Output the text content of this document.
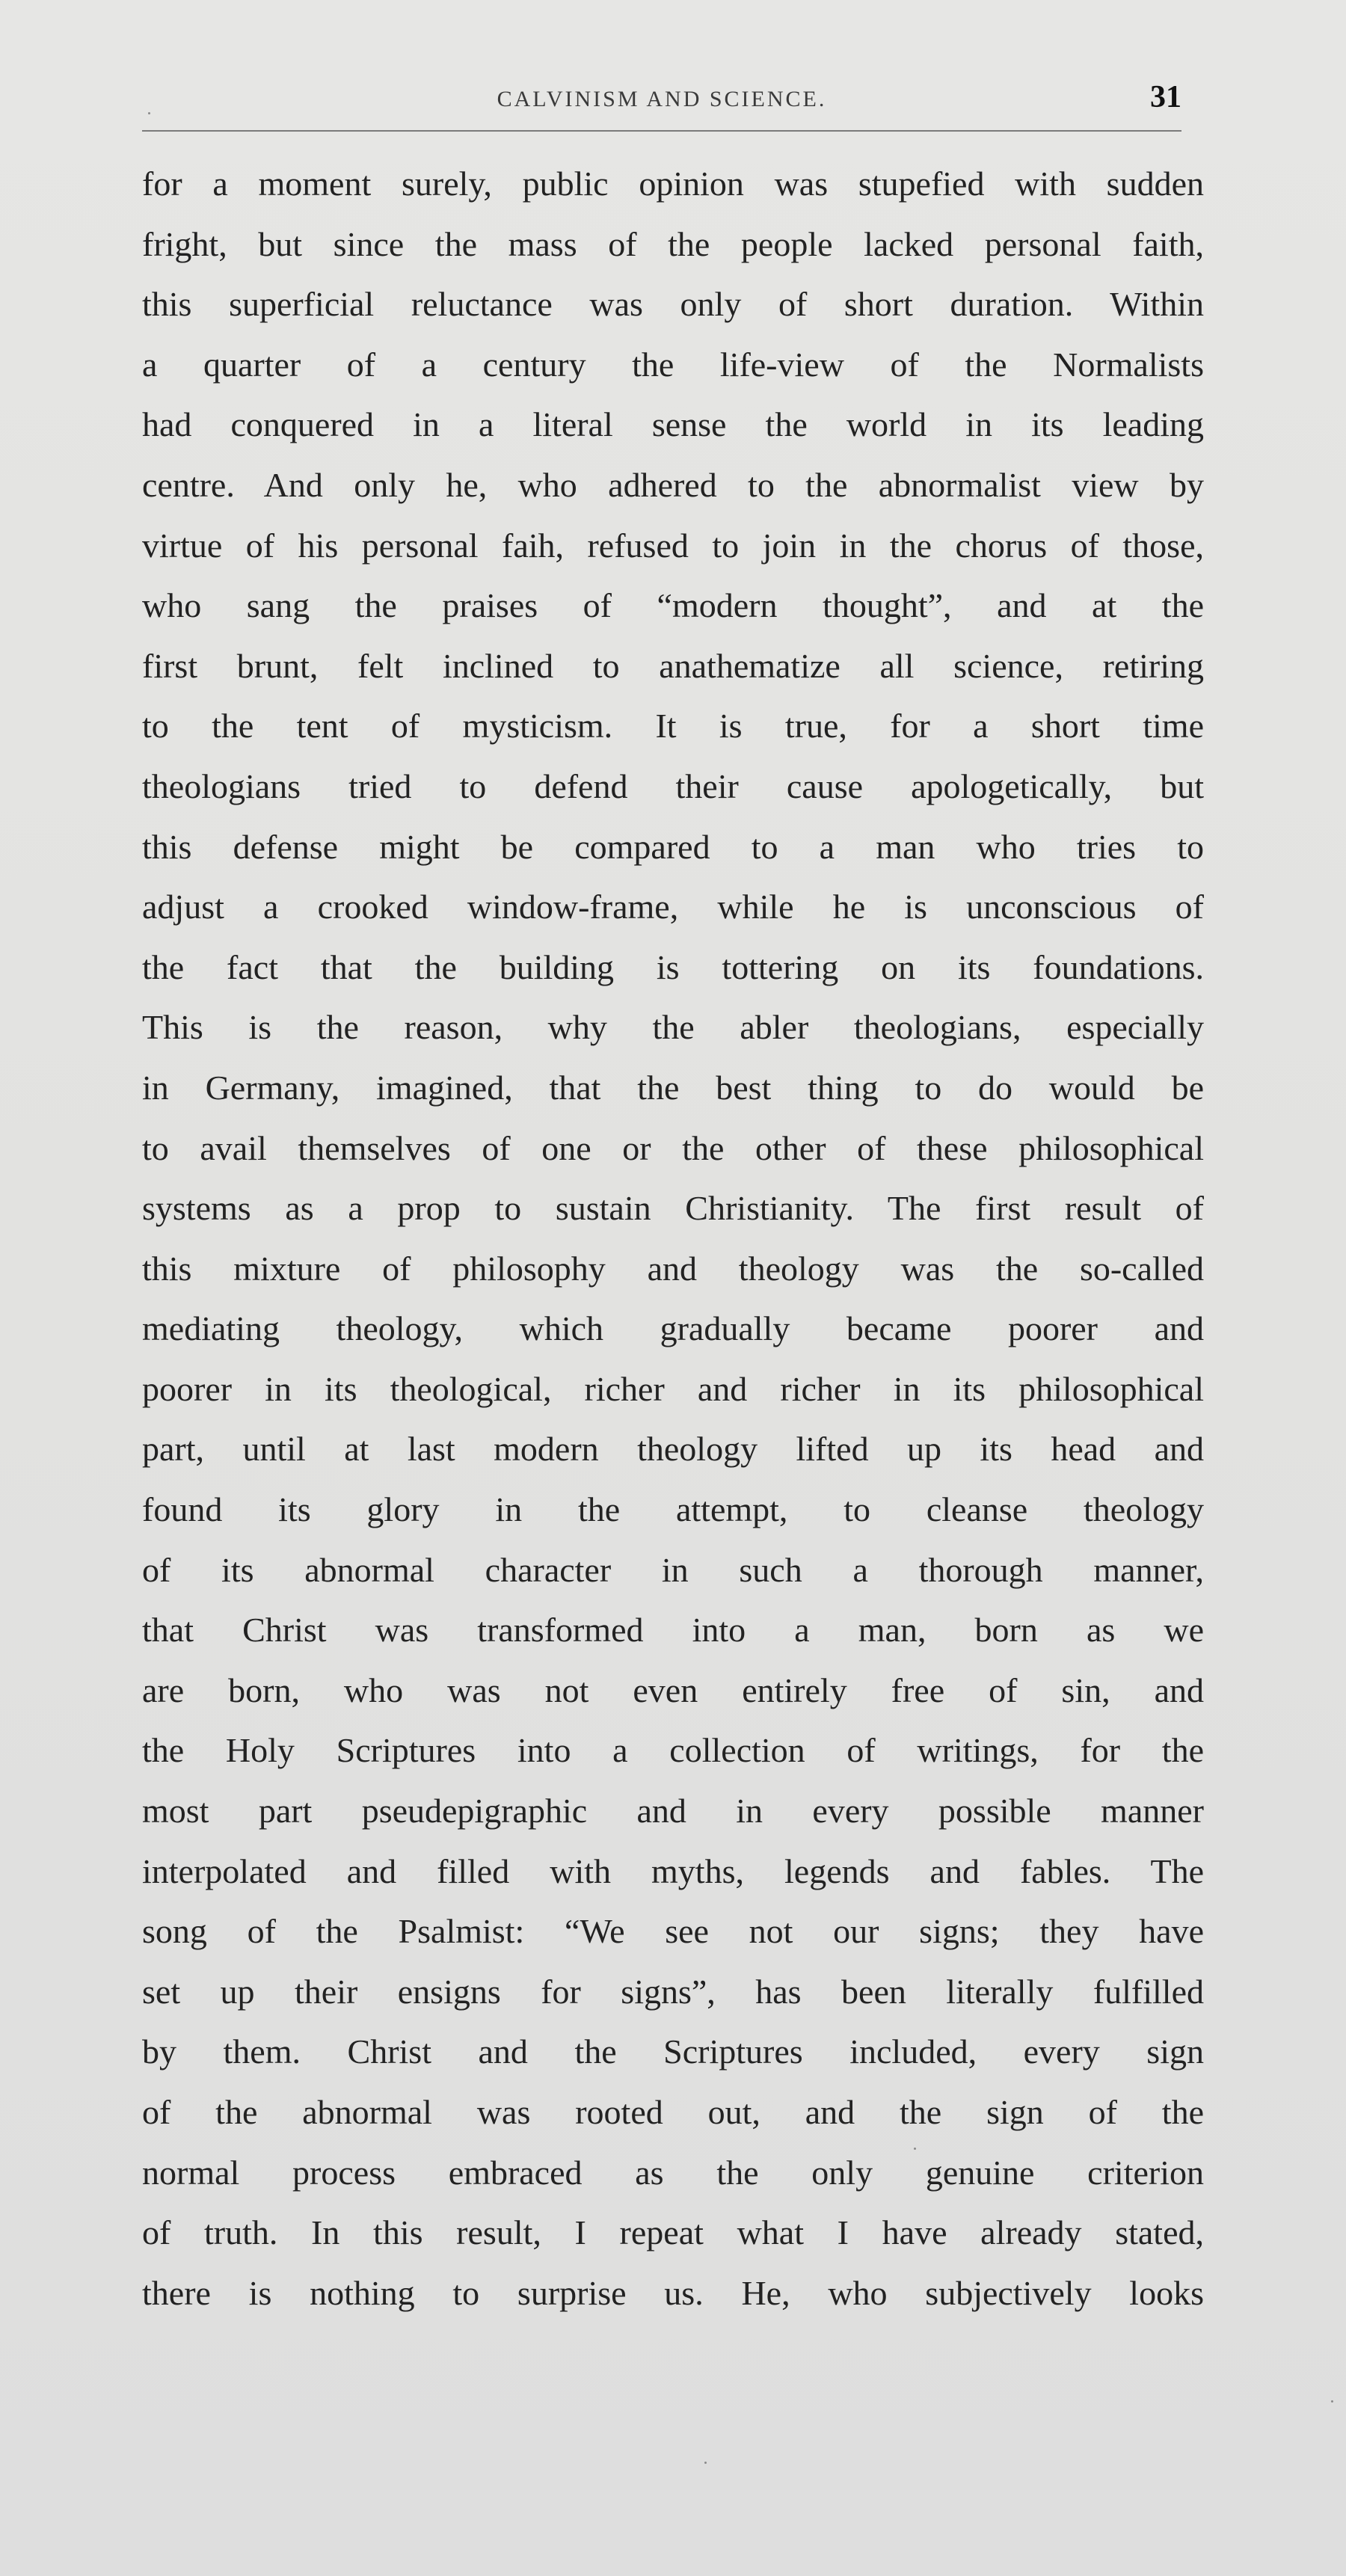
CALVINISM AND SCIENCE.	31
for a moment surely, public opinion was stupefied with sudden
fright, but since the mass of the people lacked personal faith,
this superficial reluctance was only of short duration. Within
a quarter of a century the life-view of the Normalists
had conquered in a literal sense the world in its leading
centre. And only he, who adhered to the abnormalist view by
virtue of his personal faih, refused to join in the chorus of those,
who sang the praises of “modern thought”, and at the
first brunt, felt inclined to anathematize all science, retiring
to the tent of mysticism. It is true, for a short time
theologians tried to defend their cause apologetically, but
this defense might be compared to a man who tries to
adjust a crooked window-frame, while he is unconscious of
the fact that the building is tottering on its foundations.
This is the reason, why the abler theologians, especially
in Germany, imagined, that the best thing to do would be
to avail themselves of one or the other of these philosophical
systems as a prop to sustain Christianity. The first result of
this mixture of philosophy and theology was the so-called
mediating theology, which gradually became poorer and
poorer in its theological, richer and richer in its philosophical
part, until at last modern theology lifted up its head and
found its glory in the attempt, to cleanse theology
of its abnormal character in such a thorough manner,
that Christ was transformed into a man, born as we
are born, who was not even entirely free of sin, and
the Holy Scriptures into a collection of writings, for the
most part pseudepigraphic and in every possible manner
interpolated and filled with myths, legends and fables. The
song of the Psalmist: “We see not our signs; they have
set up their ensigns for signs”, has been literally fulfilled
by them. Christ and the Scriptures included, every sign
of the abnormal was rooted out, and the sign of the
normal process embraced as the only genuine criterion
of truth. In this result, I repeat what I have already stated,
there is nothing to surprise us. He, who subjectively looks
